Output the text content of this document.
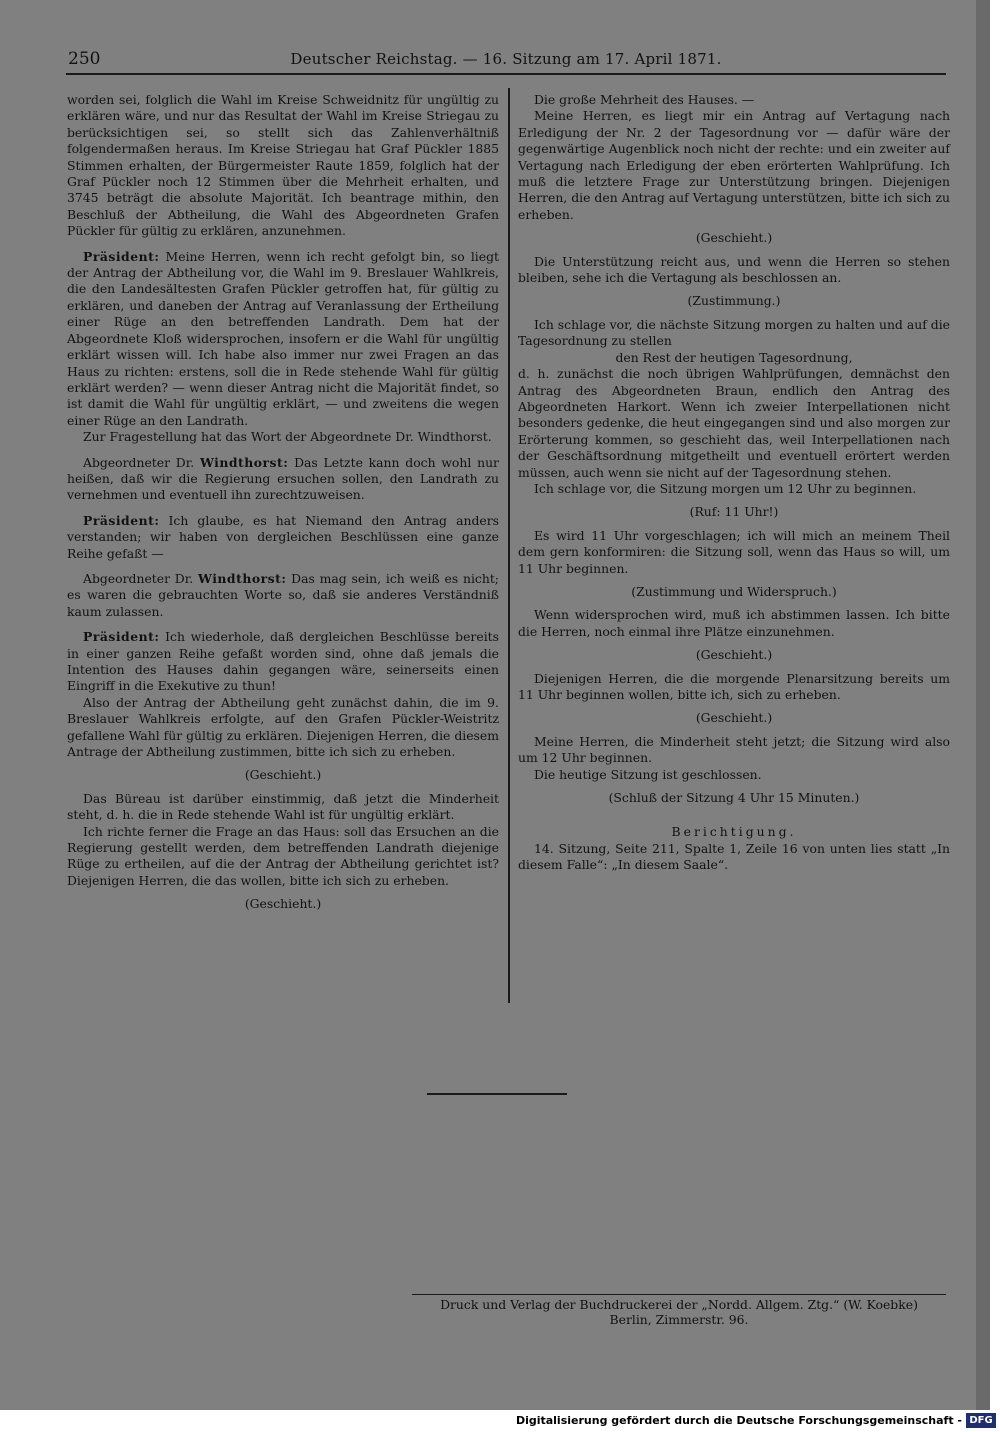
250	Deutscher Reichstag. — 16. Sitzung am 17. April 1871.

worden sei, folglich die Wahl im Kreise Schweidnitz für ungültig zu erklären wäre, und nur das Resultat der Wahl im Kreise Striegau zu berücksichtigen sei, so stellt sich das Zahlenverhältniß folgendermaßen heraus. Im Kreise Striegau hat Graf Pückler 1885 Stimmen erhalten, der Bürgermeister Raute 1859, folglich hat der Graf Pückler noch 12 Stimmen über die Mehrheit erhalten, und 3745 beträgt die absolute Majorität. Ich beantrage mithin, den Beschluß der Abtheilung, die Wahl des Abgeordneten Grafen Pückler für gültig zu erklären, anzunehmen.

Präsident: Meine Herren, wenn ich recht gefolgt bin, so liegt der Antrag der Abtheilung vor, die Wahl im 9. Breslauer Wahlkreis, die den Landesältesten Grafen Pückler getroffen hat, für gültig zu erklären, und daneben der Antrag auf Veranlassung der Ertheilung einer Rüge an den betreffenden Landrath. Dem hat der Abgeordnete Kloß widersprochen, insofern er die Wahl für ungültig erklärt wissen will. Ich habe also immer nur zwei Fragen an das Haus zu richten: erstens, soll die in Rede stehende Wahl für gültig erklärt werden? — wenn dieser Antrag nicht die Majorität findet, so ist damit die Wahl für ungültig erklärt, — und zweitens die wegen einer Rüge an den Landrath.

Zur Fragestellung hat das Wort der Abgeordnete Dr. Windthorst.

Abgeordneter Dr. Windthorst: Das Letzte kann doch wohl nur heißen, daß wir die Regierung ersuchen sollen, den Landrath zu vernehmen und eventuell ihn zurechtzuweisen.

Präsident: Ich glaube, es hat Niemand den Antrag anders verstanden; wir haben von dergleichen Beschlüssen eine ganze Reihe gefaßt —

Abgeordneter Dr. Windthorst: Das mag sein, ich weiß es nicht; es waren die gebrauchten Worte so, daß sie anderes Verständniß kaum zulassen.

Präsident: Ich wiederhole, daß dergleichen Beschlüsse bereits in einer ganzen Reihe gefaßt worden sind, ohne daß jemals die Intention des Hauses dahin gegangen wäre, seinerseits einen Eingriff in die Exekutive zu thun!

Also der Antrag der Abtheilung geht zunächst dahin, die im 9. Breslauer Wahlkreis erfolgte, auf den Grafen Pückler-Weistritz gefallene Wahl für gültig zu erklären. Diejenigen Herren, die diesem Antrage der Abtheilung zustimmen, bitte ich sich zu erheben.

(Geschieht.)

Das Büreau ist darüber einstimmig, daß jetzt die Minderheit steht, d. h. die in Rede stehende Wahl ist für ungültig erklärt.

Ich richte ferner die Frage an das Haus: soll das Ersuchen an die Regierung gestellt werden, dem betreffenden Landrath diejenige Rüge zu ertheilen, auf die der Antrag der Abtheilung gerichtet ist? Diejenigen Herren, die das wollen, bitte ich sich zu erheben.

(Geschieht.)

Die große Mehrheit des Hauses. —

Meine Herren, es liegt mir ein Antrag auf Vertagung nach Erledigung der Nr. 2 der Tagesordnung vor — dafür wäre der gegenwärtige Augenblick noch nicht der rechte: und ein zweiter auf Vertagung nach Erledigung der eben erörterten Wahlprüfung. Ich muß die letztere Frage zur Unterstützung bringen. Diejenigen Herren, die den Antrag auf Vertagung unterstützen, bitte ich sich zu erheben.

(Geschieht.)

Die Unterstützung reicht aus, und wenn die Herren so stehen bleiben, sehe ich die Vertagung als beschlossen an.

(Zustimmung.)

Ich schlage vor, die nächste Sitzung morgen zu halten und auf die Tagesordnung zu stellen

den Rest der heutigen Tagesordnung,

d. h. zunächst die noch übrigen Wahlprüfungen, demnächst den Antrag des Abgeordneten Braun, endlich den Antrag des Abgeordneten Harkort. Wenn ich zweier Interpellationen nicht besonders gedenke, die heut eingegangen sind und also morgen zur Erörterung kommen, so geschieht das, weil Interpellationen nach der Geschäftsordnung mitgetheilt und eventuell erörtert werden müssen, auch wenn sie nicht auf der Tagesordnung stehen.

Ich schlage vor, die Sitzung morgen um 12 Uhr zu beginnen.

(Ruf: 11 Uhr!)

Es wird 11 Uhr vorgeschlagen; ich will mich an meinem Theil dem gern konformiren: die Sitzung soll, wenn das Haus so will, um 11 Uhr beginnen.

(Zustimmung und Widerspruch.)

Wenn widersprochen wird, muß ich abstimmen lassen. Ich bitte die Herren, noch einmal ihre Plätze einzunehmen.

(Geschieht.)

Diejenigen Herren, die die morgende Plenarsitzung bereits um 11 Uhr beginnen wollen, bitte ich, sich zu erheben.

(Geschieht.)

Meine Herren, die Minderheit steht jetzt; die Sitzung wird also um 12 Uhr beginnen.

Die heutige Sitzung ist geschlossen.

(Schluß der Sitzung 4 Uhr 15 Minuten.)

Berichtigung.

14. Sitzung, Seite 211, Spalte 1, Zeile 16 von unten lies statt „In diesem Falle“: „In diesem Saale“.

Druck und Verlag der Buchdruckerei der „Nordd. Allgem. Ztg.“ (W. Koebke)
Berlin, Zimmerstr. 96.
Digitalisierung gefördert durch die Deutsche Forschungsgemeinschaft - DFG
